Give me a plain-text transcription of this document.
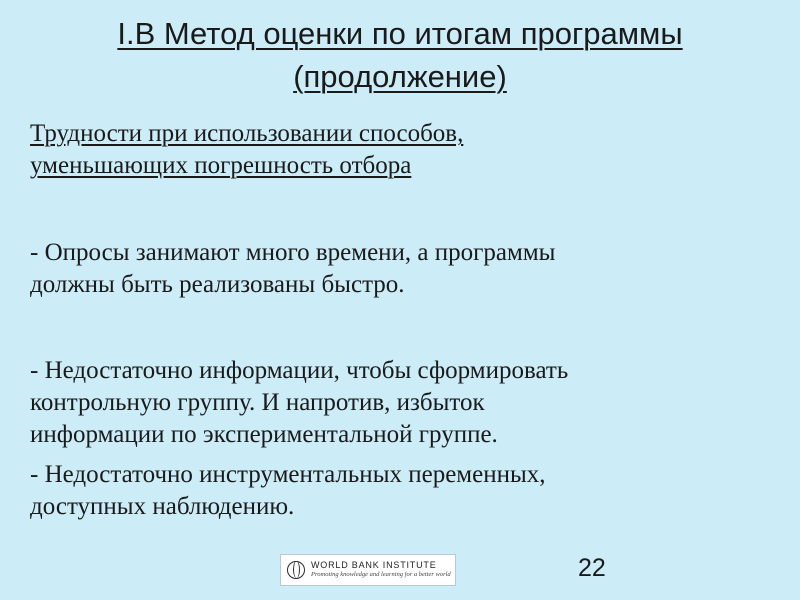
I.B Метод оценки по итогам программы
(продолжение)

Трудности при использовании способов,
уменьшающих погрешность отбора

- Опросы занимают много времени, а программы
должны быть реализованы быстро.

- Недостаточно информации, чтобы сформировать
контрольную группу. И напротив, избыток
информации по экспериментальной группе.

- Недостаточно инструментальных переменных,
доступных наблюдению.

WORLD BANK INSTITUTE
Promoting knowledge and learning for a better world	22
